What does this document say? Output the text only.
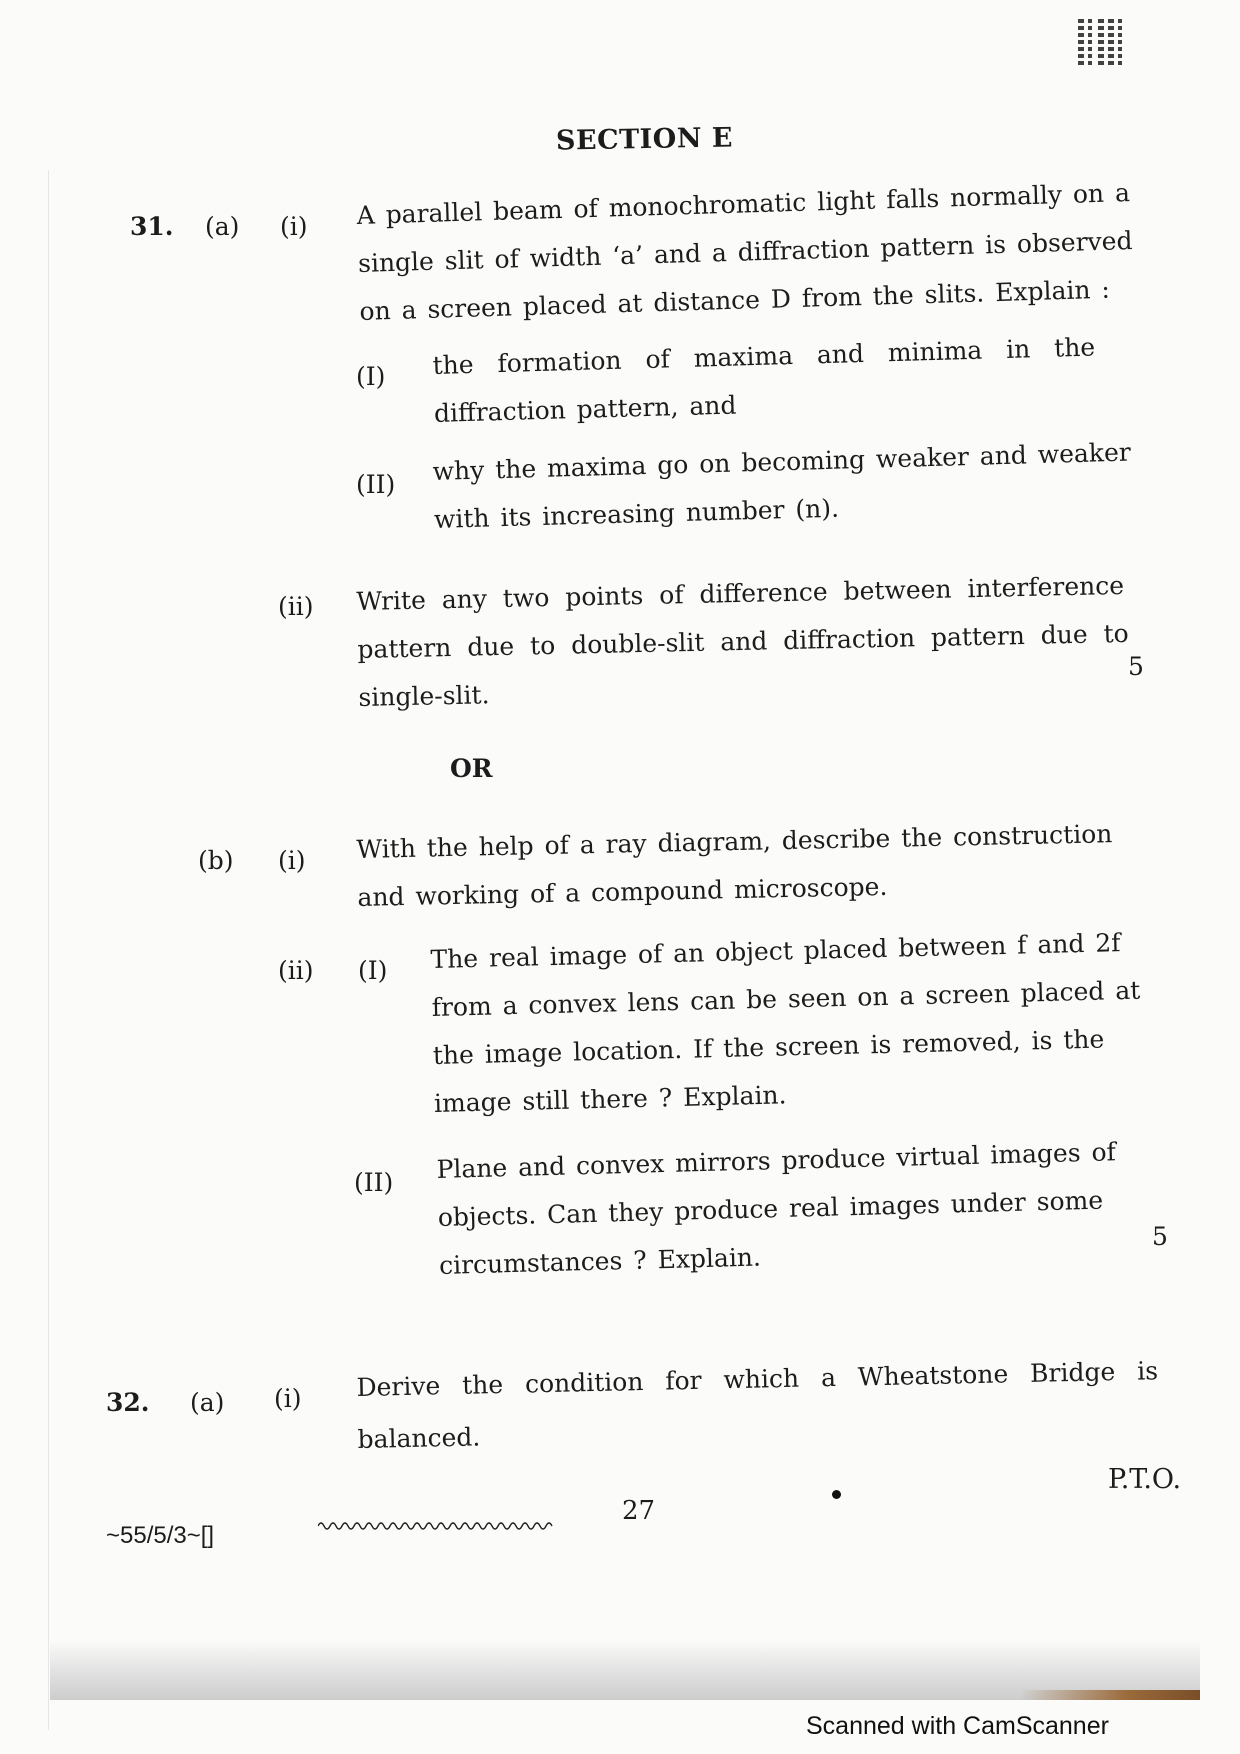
SECTION E
31. (a) (i) A parallel beam of monochromatic light falls normally on a
single slit of width ‘a’ and a diffraction pattern is observed
on a screen placed at distance D from the slits. Explain :
(I) the formation of maxima and minima in the
diffraction pattern, and
(II) why the maxima go on becoming weaker and weaker
with its increasing number (n).
(ii) Write any two points of difference between interference
pattern due to double-slit and diffraction pattern due to
single-slit.
5
OR
(b) (i) With the help of a ray diagram, describe the construction
and working of a compound microscope.
(ii) (I) The real image of an object placed between f and 2f
from a convex lens can be seen on a screen placed at
the image location. If the screen is removed, is the
image still there ? Explain.
(II) Plane and convex mirrors produce virtual images of
objects. Can they produce real images under some
circumstances ? Explain.
5
32. (a) (i) Derive the condition for which a Wheatstone Bridge is
balanced.
P.T.O.
27
~55/5/3~[]
Scanned with CamScanner
